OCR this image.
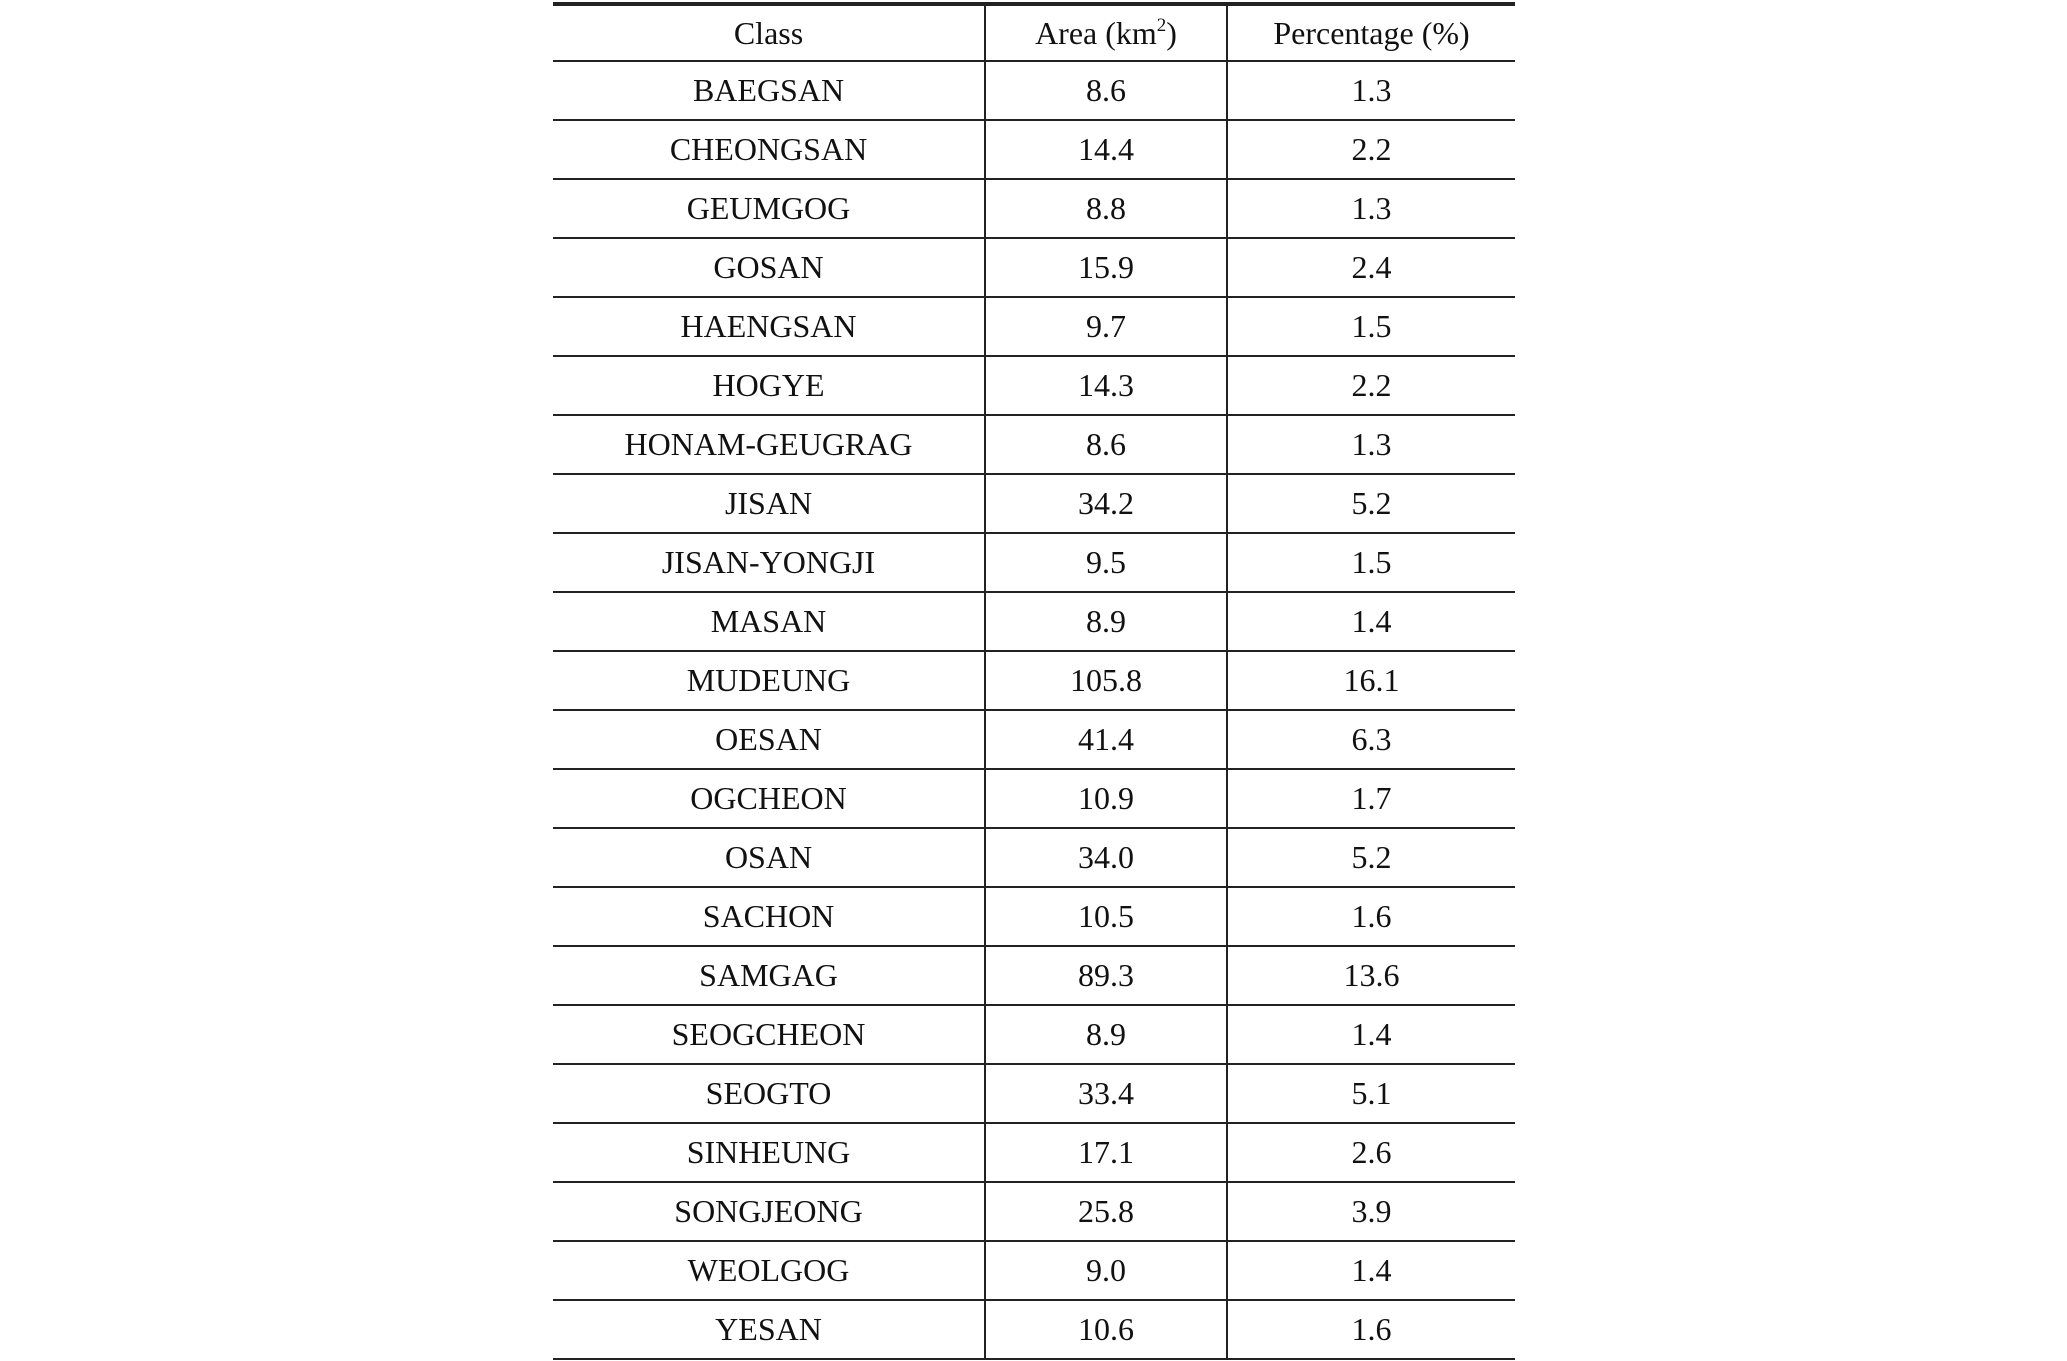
Class	Area $(km^2)$	Percentage (%)
BAEGSAN	8.6	1.3
CHEONGSAN	14.4	2.2
GEUMGOG	8.8	1.3
GOSAN	15.9	2.4
HAENGSAN	9.7	1.5
HOGYE	14.3	2.2
HONAM-GEUGRAG	8.6	1.3
JISAN	34.2	5.2
JISAN-YONGJI	9.5	1.5
MASAN	8.9	1.4
MUDEUNG	105.8	16.1
OESAN	41.4	6.3
OGCHEON	10.9	1.7
OSAN	34.0	5.2
SACHON	10.5	1.6
SAMGAG	89.3	13.6
SEOGCHEON	8.9	1.4
SEOGTO	33.4	5.1
SINHEUNG	17.1	2.6
SONGJEONG	25.8	3.9
WEOLGOG	9.0	1.4
YESAN	10.6	1.6
